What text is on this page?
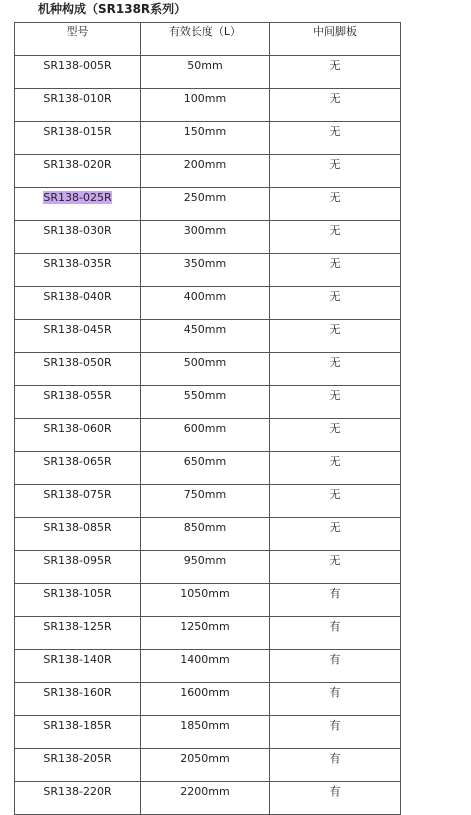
机种构成（SR138R系列）
型号	有效长度（L）	中间脚板
SR138-005R	50mm	无
SR138-010R	100mm	无
SR138-015R	150mm	无
SR138-020R	200mm	无
SR138-025R	250mm	无
SR138-030R	300mm	无
SR138-035R	350mm	无
SR138-040R	400mm	无
SR138-045R	450mm	无
SR138-050R	500mm	无
SR138-055R	550mm	无
SR138-060R	600mm	无
SR138-065R	650mm	无
SR138-075R	750mm	无
SR138-085R	850mm	无
SR138-095R	950mm	无
SR138-105R	1050mm	有
SR138-125R	1250mm	有
SR138-140R	1400mm	有
SR138-160R	1600mm	有
SR138-185R	1850mm	有
SR138-205R	2050mm	有
SR138-220R	2200mm	有
